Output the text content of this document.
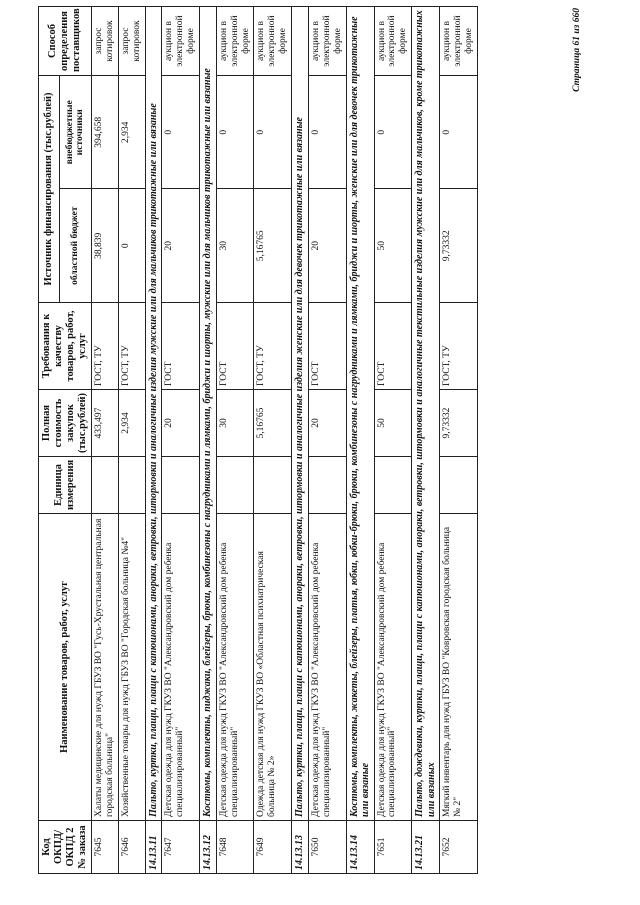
Код ОКПД/ ОКПД 2 № заказа	Наименование товаров, работ, услуг	Единица измерения	Полная стоимость закупок (тыс.рублей)	Требования к качеству товаров, работ, услуг	Источник финансирования (тыс.рублей)		Способ определения поставщиков
					областной бюджет	внебюджетные источники	
7645	Халаты медицинские для нужд ГБУЗ ВО "Гусь-Хрустальная центральная городская больница"		433,497	ГОСТ, ТУ	38,839	394,658	запрос котировок
7646	Хозяйственные товары для нужд ГБУЗ ВО "Городская больница №4"		2,934	ГОСТ, ТУ	0	2,934	запрос котировок
14.13.11	Пальто, куртки, плащи, плащи с капюшонами, анораки, ветровки, штормовки и аналогичные изделия мужские или для мальчиков трикотажные или вязаные						
7647	Детская одежда для нужд ГКУЗ ВО "Александровский дом ребенка специализированный"		20	ГОСТ	20	0	аукцион в электронной форме
14.13.12	Костюмы, комплекты, пиджаки, блейзеры, брюки, комбинезоны с нагрудниками и лямками, бриджи и шорты, мужские или для мальчиков трикотажные или вязаные						
7648	Детская одежда для нужд ГКУЗ ВО "Александровский дом ребенка специализированный"		30	ГОСТ	30	0	аукцион в электронной форме
7649	Одежда детская для нужд ГКУЗ ВО «Областная психиатрическая больница № 2»		5,16765	ГОСТ, ТУ	5,16765	0	аукцион в электронной форме
14.13.13	Пальто, куртки, плащи, плащи с капюшонами, анораки, ветровки, штормовки и аналогичные изделия женские или для девочек трикотажные или вязаные						
7650	Детская одежда для нужд ГКУЗ ВО "Александровский дом ребенка специализированный"		20	ГОСТ	20	0	аукцион в электронной форме
14.13.14	Костюмы, комплекты, жакеты, блейзеры, платья, юбки, юбки-брюки, брюки, комбинезоны с нагрудниками и лямками, бриджи и шорты, женские или для девочек трикотажные или вязаные						
7651	Детская одежда для нужд ГКУЗ ВО "Александровский дом ребенка специализированный"		50	ГОСТ	50	0	аукцион в электронной форме
14.13.21	Пальто, дождевики, куртки, плащи, плащи с капюшонами, анораки, ветровки, штормовки и аналогичные текстильные изделия мужские или для мальчиков, кроме трикотажных или вязаных						
7652	Мягкий инвентарь для нужд ГБУЗ ВО "Ковровская городская больница № 2"		9,73332	ГОСТ, ТУ	9,73332	0	аукцион в электронной форме	Страница 61 из 660
